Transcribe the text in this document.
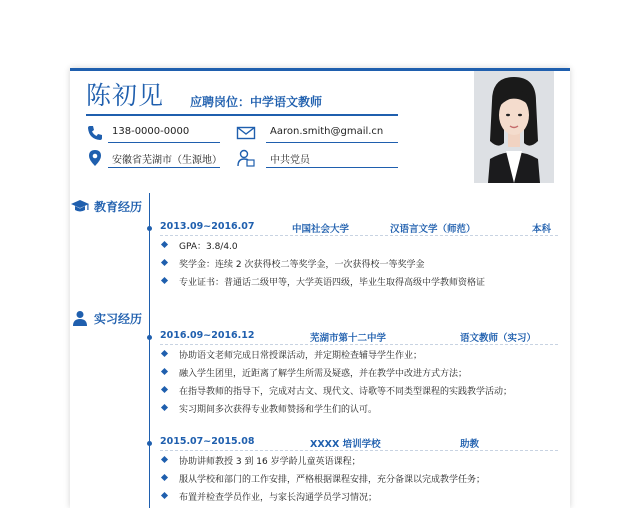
陈初见 应聘岗位：中学语文教师
138-0000-0000	Aaron.smith@gmail.cn
安徽省芜湖市（生源地）	中共党员
教育经历
2013.09~2016.07	中国社会大学	汉语言文学（师范）	本科
GPA：3.8/4.0
奖学金：连续 2 次获得校二等奖学金，一次获得校一等奖学金
专业证书：普通话二级甲等，大学英语四级，毕业生取得高级中学教师资格证
实习经历
2016.09~2016.12	芜湖市第十二中学	语文教师（实习）
协助语文老师完成日常授课活动，并定期检查辅导学生作业；
融入学生团里，近距离了解学生所需及疑惑，并在教学中改进方式方法；
在指导教师的指导下，完成对古文、现代文、诗歌等不同类型课程的实践教学活动；
实习期间多次获得专业教师赞扬和学生们的认可。
2015.07~2015.08	XXXX 培训学校	助教
协助讲师教授 3 到 16 岁学龄儿童英语课程；
服从学校和部门的工作安排，严格根据课程安排，充分备课以完成教学任务；
布置并检查学员作业，与家长沟通学员学习情况；
